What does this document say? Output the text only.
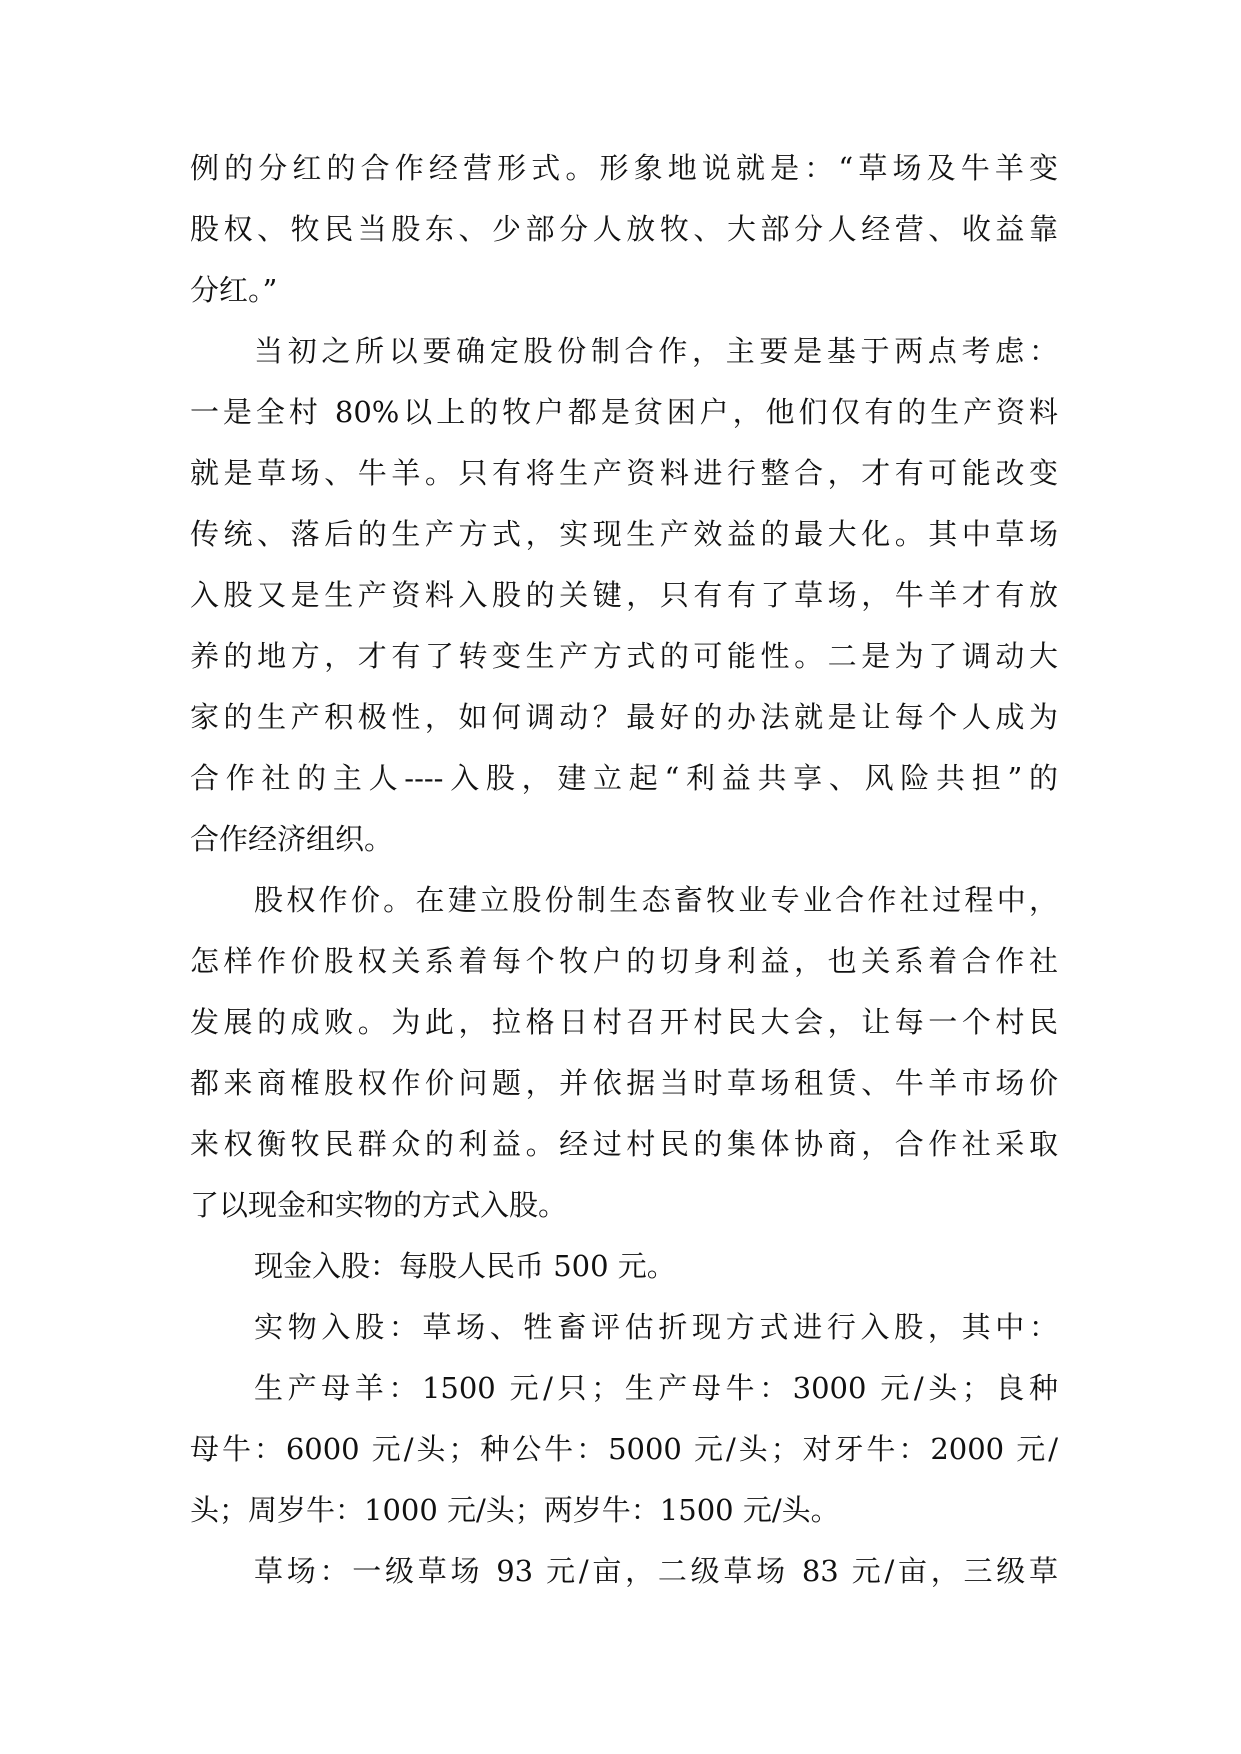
例的分红的合作经营形式。形象地说就是：“草场及牛羊变
股权、牧民当股东、少部分人放牧、大部分人经营、收益靠
分红。”
当初之所以要确定股份制合作，主要是基于两点考虑：
一是全村 80%以上的牧户都是贫困户，他们仅有的生产资料
就是草场、牛羊。只有将生产资料进行整合，才有可能改变
传统、落后的生产方式，实现生产效益的最大化。其中草场
入股又是生产资料入股的关键，只有有了草场，牛羊才有放
养的地方，才有了转变生产方式的可能性。二是为了调动大
家的生产积极性，如何调动？最好的办法就是让每个人成为
合作社的主人----入股，建立起“利益共享、风险共担”的
合作经济组织。
股权作价。在建立股份制生态畜牧业专业合作社过程中，
怎样作价股权关系着每个牧户的切身利益，也关系着合作社
发展的成败。为此，拉格日村召开村民大会，让每一个村民
都来商榷股权作价问题，并依据当时草场租赁、牛羊市场价
来权衡牧民群众的利益。经过村民的集体协商，合作社采取
了以现金和实物的方式入股。
现金入股：每股人民币 500 元。
实物入股：草场、牲畜评估折现方式进行入股，其中：
生产母羊：1500 元/只；生产母牛：3000 元/头；良种
母牛：6000 元/头；种公牛：5000 元/头；对牙牛：2000 元/
头；周岁牛：1000 元/头；两岁牛：1500 元/头。
草场：一级草场 93 元/亩，二级草场 83 元/亩，三级草
